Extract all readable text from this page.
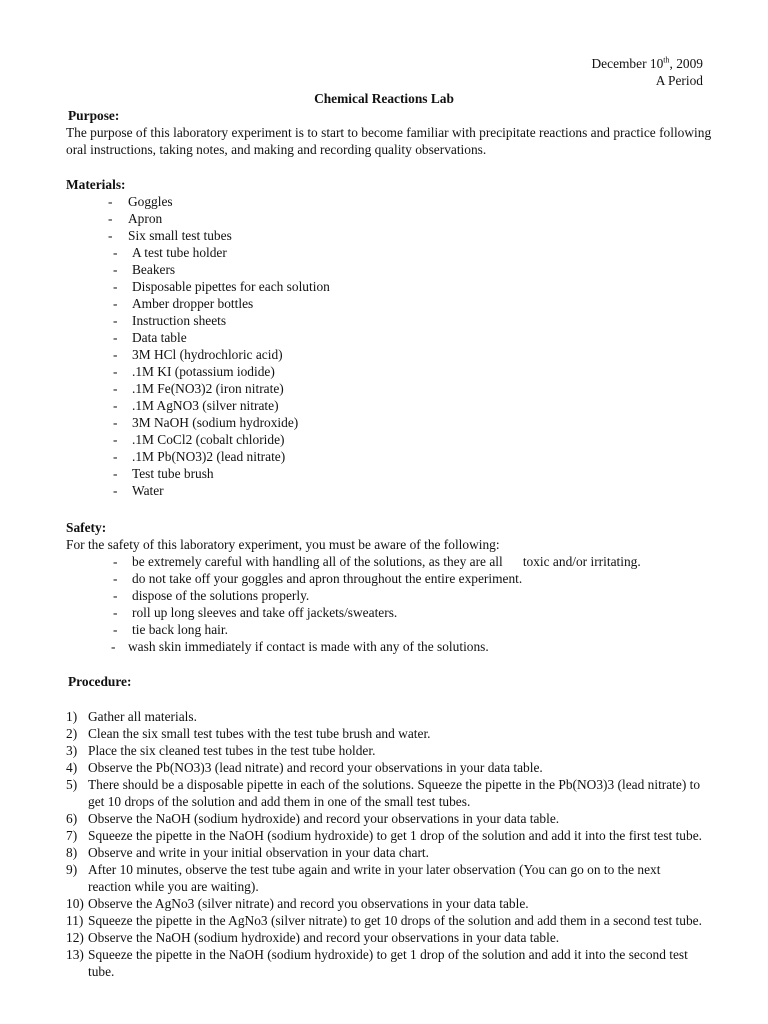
December 10th, 2009
A Period
Chemical Reactions Lab
Purpose:
The purpose of this laboratory experiment is to start to become familiar with precipitate reactions and practice following oral instructions, taking notes, and making and recording quality observations.
Materials:
- Goggles
- Apron
- Six small test tubes
- A test tube holder
- Beakers
- Disposable pipettes for each solution
- Amber dropper bottles
- Instruction sheets
- Data table
- 3M HCl (hydrochloric acid)
- .1M KI (potassium iodide)
- .1M Fe(NO3)2 (iron nitrate)
- .1M AgNO3 (silver nitrate)
- 3M NaOH (sodium hydroxide)
- .1M CoCl2 (cobalt chloride)
- .1M Pb(NO3)2 (lead nitrate)
- Test tube brush
- Water
Safety:
For the safety of this laboratory experiment, you must be aware of the following:
- be extremely careful with handling all of the solutions, as they are all      toxic and/or irritating.
- do not take off your goggles and apron throughout the entire experiment.
- dispose of the solutions properly.
- roll up long sleeves and take off jackets/sweaters.
- tie back long hair.
- wash skin immediately if contact is made with any of the solutions.
Procedure:
1) Gather all materials.
2) Clean the six small test tubes with the test tube brush and water.
3) Place the six cleaned test tubes in the test tube holder.
4) Observe the Pb(NO3)3 (lead nitrate) and record your observations in your data table.
5) There should be a disposable pipette in each of the solutions. Squeeze the pipette in the Pb(NO3)3 (lead nitrate) to get 10 drops of the solution and add them in one of the small test tubes.
6) Observe the NaOH (sodium hydroxide) and record your observations in your data table.
7) Squeeze the pipette in the NaOH (sodium hydroxide) to get 1 drop of the solution and add it into the first test tube.
8) Observe and write in your initial observation in your data chart.
9) After 10 minutes, observe the test tube again and write in your later observation (You can go on to the next reaction while you are waiting).
10) Observe the AgNo3 (silver nitrate) and record you observations in your data table.
11) Squeeze the pipette in the AgNo3 (silver nitrate) to get 10 drops of the solution and add them in a second test tube.
12) Observe the NaOH (sodium hydroxide) and record your observations in your data table.
13) Squeeze the pipette in the NaOH (sodium hydroxide) to get 1 drop of the solution and add it into the second test tube.
